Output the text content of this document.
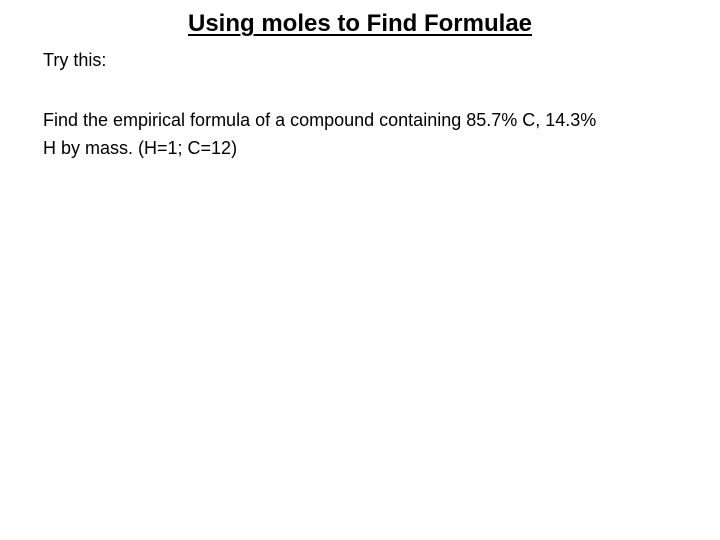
Using moles to Find Formulae
Try this:
Find the empirical formula of a compound containing 85.7% C, 14.3%
H by mass. (H=1; C=12)
